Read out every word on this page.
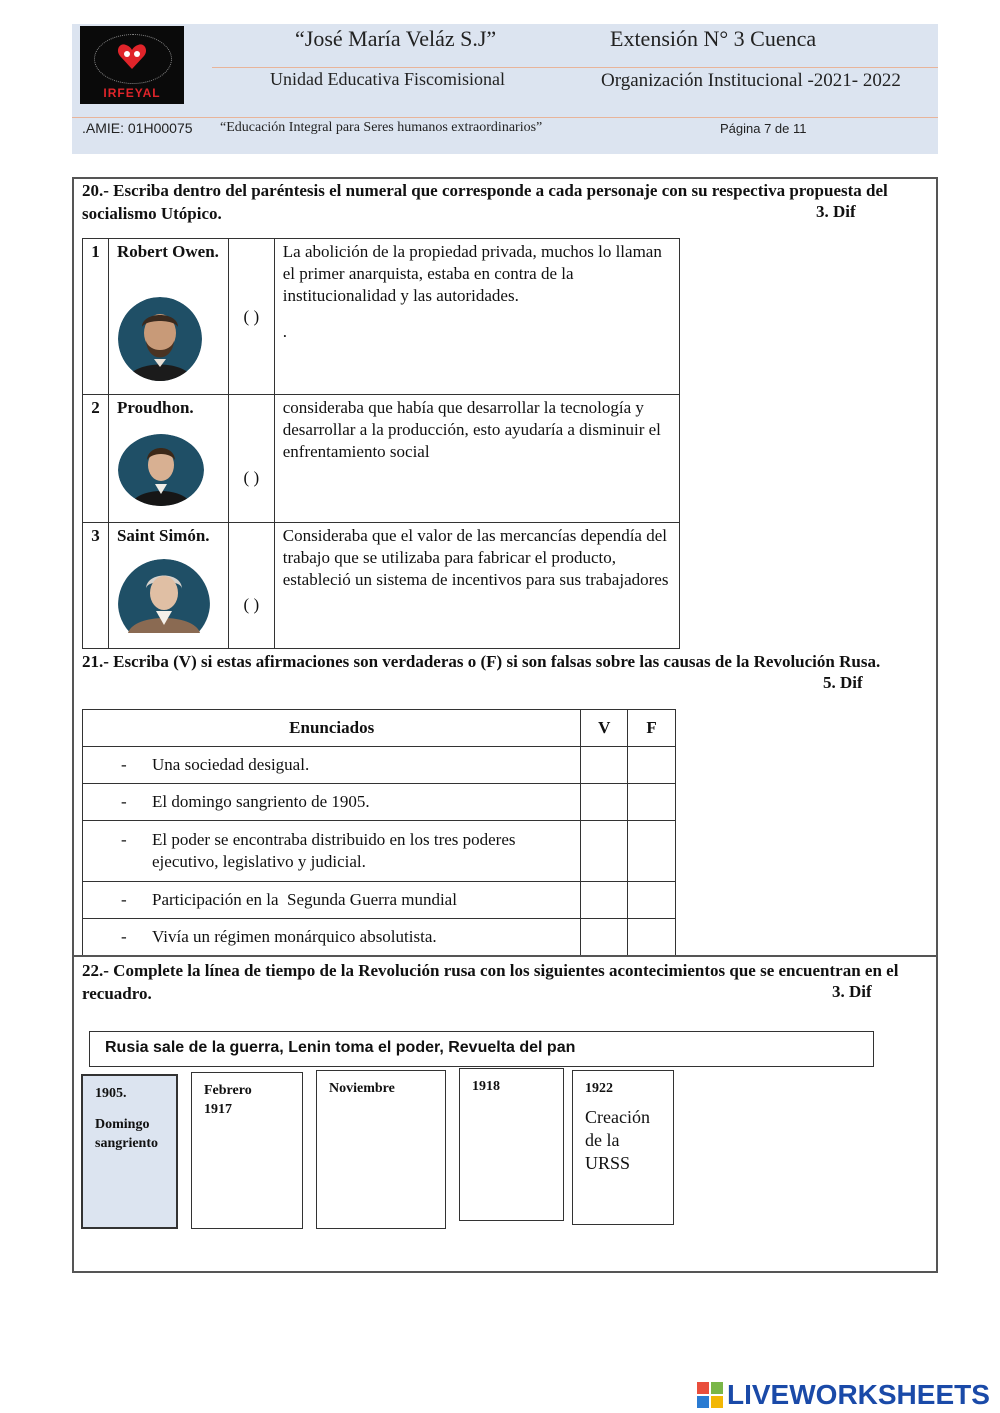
IRFEYAL
“José María Veláz S.J”	Extensión N° 3 Cuenca
Unidad Educativa Fiscomisional	Organización Institucional -2021- 2022
.AMIE: 01H00075 “Educación Integral para Seres humanos extraordinarios”	Página 7 de 11
20.- Escriba dentro del paréntesis el numeral que corresponde a cada personaje con su respectiva propuesta del socialismo Utópico.	3. Dif
1	Robert Owen.	( )	La abolición de la propiedad privada, muchos lo llaman el primer anarquista, estaba en contra de la institucionalidad y las autoridades.
.

2	Proudhon.	( )	consideraba que había que desarrollar la tecnología y desarrollar a la producción, esto ayudaría a disminuir el enfrentamiento social

3	Saint Simón.	( )	Consideraba que el valor de las mercancías dependía del trabajo que se utilizaba para fabricar el producto, estableció un sistema de incentivos para sus trabajadores
21.- Escriba (V) si estas afirmaciones son verdaderas o (F) si son falsas sobre las causas de la Revolución Rusa.
5. Dif
Enunciados	V	F

- Una sociedad desigual.		

- El domingo sangriento de 1905.		

- El poder se encontraba distribuido en los tres poderes ejecutivo, legislativo y judicial.		

- Participación en la  Segunda Guerra mundial		

- Vivía un régimen monárquico absolutista.		

22.- Complete la línea de tiempo de la Revolución rusa con los siguientes acontecimientos que se encuentran en el recuadro.	3. Dif
Rusia sale de la guerra, Lenin toma el poder, Revuelta del pan
1905.
Domingo sangriento
Febrero 1917
Noviembre	1918	1922
Creación de la URSS
LIVEWORKSHEETS
